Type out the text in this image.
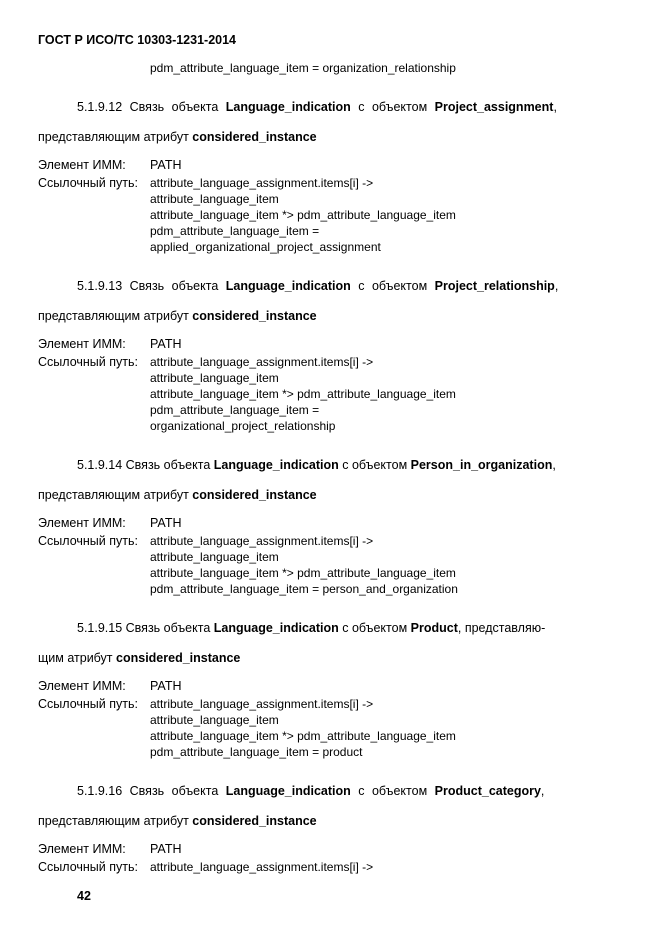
ГОСТ Р ИСО/ТС 10303-1231-2014
pdm_attribute_language_item = organization_relationship
5.1.9.12 Связь объекта Language_indication с объектом Project_assignment,
представляющим атрибут considered_instance
Элемент ИММ:	PATH
Ссылочный путь:	attribute_language_assignment.items[i] ->
attribute_language_item
attribute_language_item *> pdm_attribute_language_item
pdm_attribute_language_item =
applied_organizational_project_assignment
5.1.9.13 Связь объекта Language_indication с объектом Project_relationship,
представляющим атрибут considered_instance
Элемент ИММ:	PATH
Ссылочный путь:	attribute_language_assignment.items[i] ->
attribute_language_item
attribute_language_item *> pdm_attribute_language_item
pdm_attribute_language_item =
organizational_project_relationship
5.1.9.14 Связь объекта Language_indication с объектом Person_in_organization,
представляющим атрибут considered_instance
Элемент ИММ:	PATH
Ссылочный путь:	attribute_language_assignment.items[i] ->
attribute_language_item
attribute_language_item *> pdm_attribute_language_item
pdm_attribute_language_item = person_and_organization
5.1.9.15 Связь объекта Language_indication с объектом Product, представляю-
щим атрибут considered_instance
Элемент ИММ:	PATH
Ссылочный путь:	attribute_language_assignment.items[i] ->
attribute_language_item
attribute_language_item *> pdm_attribute_language_item
pdm_attribute_language_item = product
5.1.9.16 Связь объекта Language_indication с объектом Product_category,
представляющим атрибут considered_instance
Элемент ИММ:	PATH
Ссылочный путь:	attribute_language_assignment.items[i] ->
42
